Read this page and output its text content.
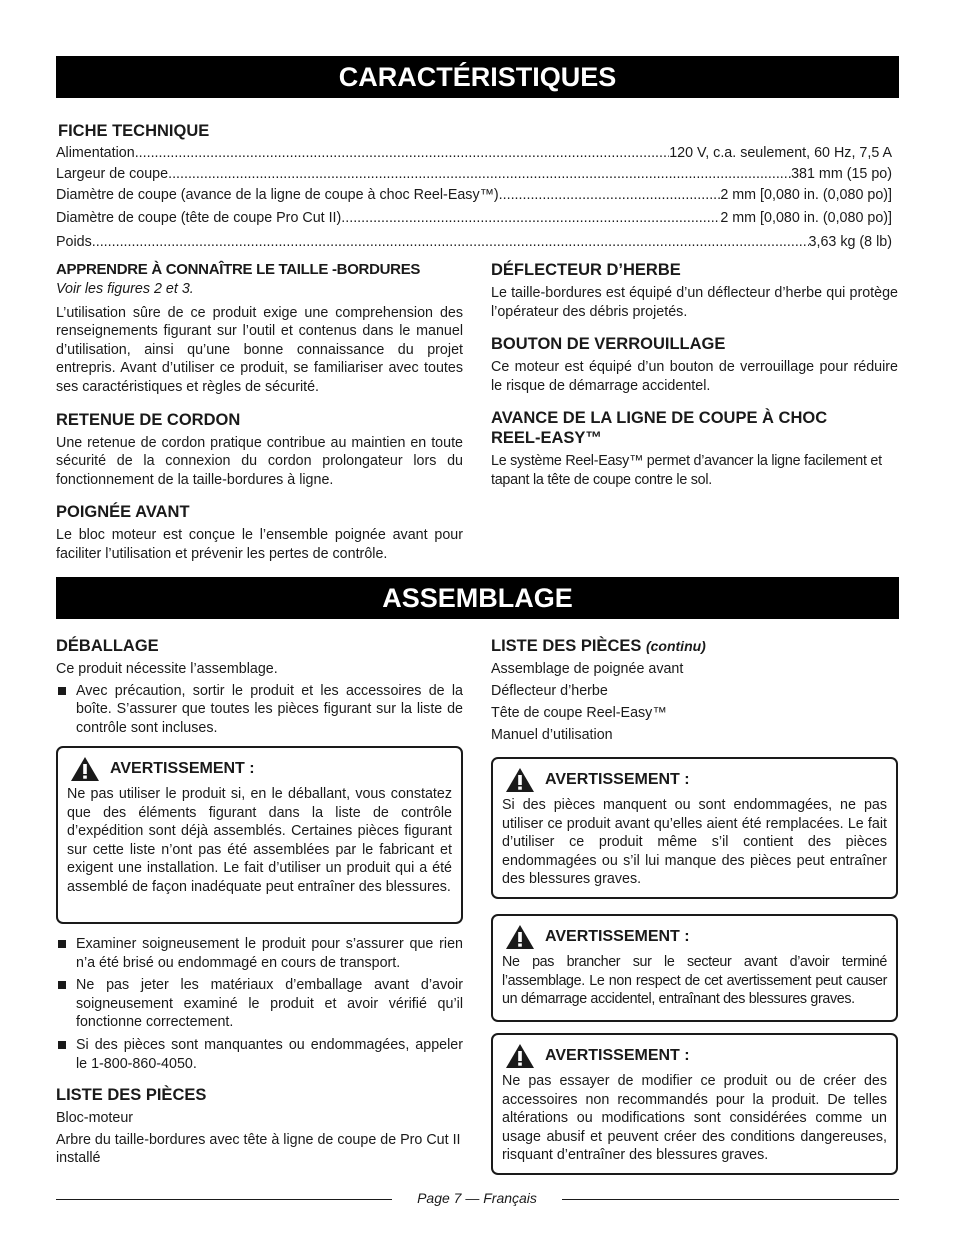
CARACTÉRISTIQUES
FICHE TECHNIQUE
Alimentation .....	120 V, c.a. seulement, 60 Hz, 7,5 A
Largeur de coupe .....	381 mm (15 po)
Diamètre de coupe (avance de la ligne de coupe à choc Reel-Easy™) .....	2 mm [0,080 in. (0,080 po)]
Diamètre de coupe (tête de coupe Pro Cut II) .....	2 mm [0,080 in. (0,080 po)]
Poids .....	3,63 kg (8 lb)
APPRENDRE À CONNAÎTRE LE TAILLE -BORDURES

Voir les figures 2 et 3.

L’utilisation sûre de ce produit exige une comprehension des renseignements figurant sur l’outil et contenus dans le manuel d’utilisation, ainsi qu’une bonne connaissance du projet entrepris. Avant d’utiliser ce produit, se familiariser avec toutes ses caractéristiques et règles de sécurité.

RETENUE DE CORDON

Une retenue de cordon pratique contribue au maintien en toute sécurité de la connexion du cordon prolongateur lors du fonctionnement de la taille-bordures à ligne.

POIGNÉE AVANT

Le bloc moteur est conçue le l’ensemble poignée avant pour faciliter l’utilisation et prévenir les pertes de contrôle.

DÉFLECTEUR D’HERBE

Le taille-bordures est équipé d’un déflecteur d’herbe qui protège l’opérateur des débris projetés.

BOUTON DE VERROUILLAGE

Ce moteur est équipé d’un bouton de verrouillage pour réduire le risque de démarrage accidentel.

AVANCE DE LA LIGNE DE COUPE À CHOC
REEL-EASY™

Le système Reel-Easy™ permet d’avancer la ligne facilement et tapant la tête de coupe contre le sol.

ASSEMBLAGE
DÉBALLAGE

Ce produit nécessite l’assemblage.

Avec précaution, sortir le produit et les accessoires de la boîte. S’assurer que toutes les pièces figurant sur la liste de contrôle sont incluses.
AVERTISSEMENT :

Ne pas utiliser le produit si, en le déballant, vous constatez que des éléments figurant dans la liste de contrôle d’expédition sont déjà assemblés. Certaines pièces figurant sur cette liste n’ont pas été assemblées par le fabricant et exigent une installation. Le fait d’utiliser un produit qui a été assemblé de façon inadéquate peut entraîner des blessures.

Examiner soigneusement le produit pour s’assurer que rien n’a été brisé ou endommagé en cours de transport.
Ne pas jeter les matériaux d’emballage avant d’avoir soigneusement examiné le produit et avoir vérifié qu’il fonctionne correctement.
Si des pièces sont manquantes ou endommagées, appeler le 1-800-860-4050.
LISTE DES PIÈCES

Bloc-moteur

Arbre du taille-bordures avec tête à ligne de coupe de Pro Cut II installé

LISTE DES PIÈCES (continu)

Assemblage de poignée avant

Déflecteur d’herbe

Tête de coupe Reel-Easy™

Manuel d’utilisation

AVERTISSEMENT :

Si des pièces manquent ou sont endommagées, ne pas utiliser ce produit avant qu’elles aient été remplacées. Le fait d’utiliser ce produit même s’il contient des pièces endommagées ou s’il lui manque des pièces peut entraîner des blessures graves.

AVERTISSEMENT :

Ne pas brancher sur le secteur avant d’avoir terminé l’assemblage. Le non respect de cet avertissement peut causer un démarrage accidentel, entraînant des blessures graves.

AVERTISSEMENT :

Ne pas essayer de modifier ce produit ou de créer des accessoires non recommandés pour la produit. De telles altérations ou modifications sont considérées comme un usage abusif et peuvent créer des conditions dangereuses, risquant d’entraîner des blessures graves.

Page 7 — Français
